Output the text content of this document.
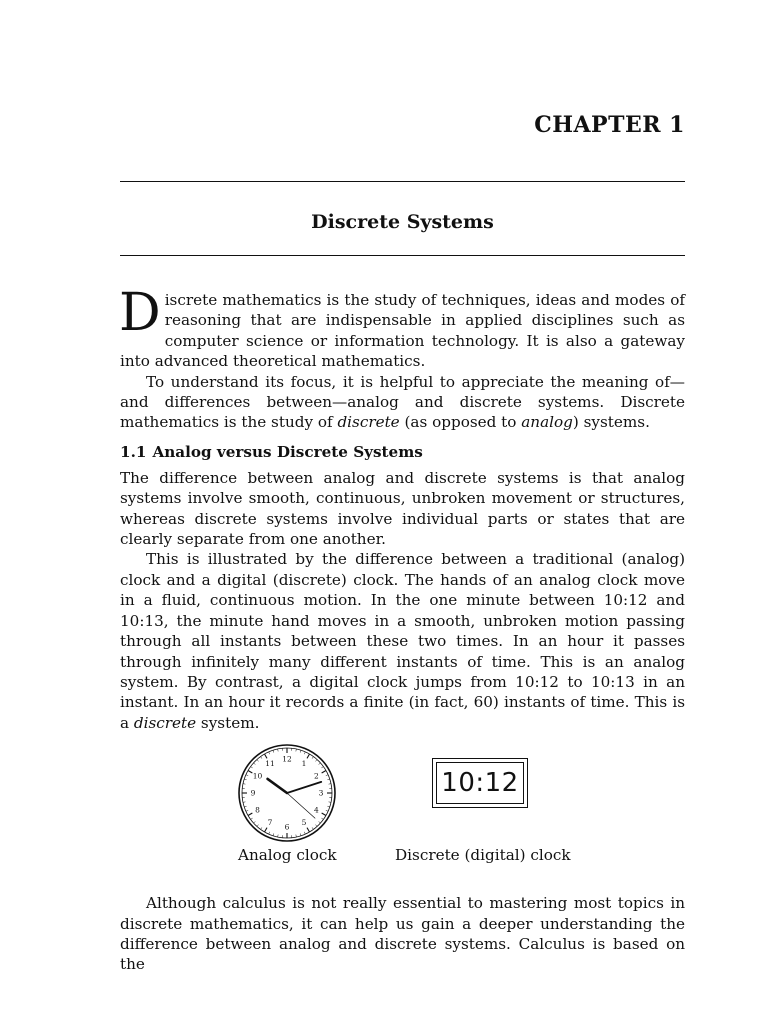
CHAPTER 1
Discrete Systems

Discrete mathematics is the study of techniques, ideas and modes of reasoning that are indispensable in applied disciplines such as computer science or information technology. It is also a gateway into advanced theoretical mathematics.

To understand its focus, it is helpful to appreciate the meaning of—and differences between—analog and discrete systems. Discrete mathematics is the study of discrete (as opposed to analog) systems.

1.1 Analog versus Discrete Systems

The difference between analog and discrete systems is that analog systems involve smooth, continuous, unbroken movement or structures, whereas discrete systems involve individual parts or states that are clearly separate from one another.

This is illustrated by the difference between a traditional (analog) clock and a digital (discrete) clock. The hands of an analog clock move in a fluid, continuous motion. In the one minute between 10:12 and 10:13, the minute hand moves in a smooth, unbroken motion passing through all instants between these two times. In an hour it passes through infinitely many different instants of time. This is an analog system. By contrast, a digital clock jumps from 10:12 to 10:13 in an instant. In an hour it records a finite (in fact, 60) instants of time. This is a discrete system.

12
1
2
3
4
5
6
7
8
9
10
11
10:12
Analog clock	Discrete (digital) clock

Although calculus is not really essential to mastering most topics in discrete mathematics, it can help us gain a deeper understanding the difference between analog and discrete systems. Calculus is based on the
